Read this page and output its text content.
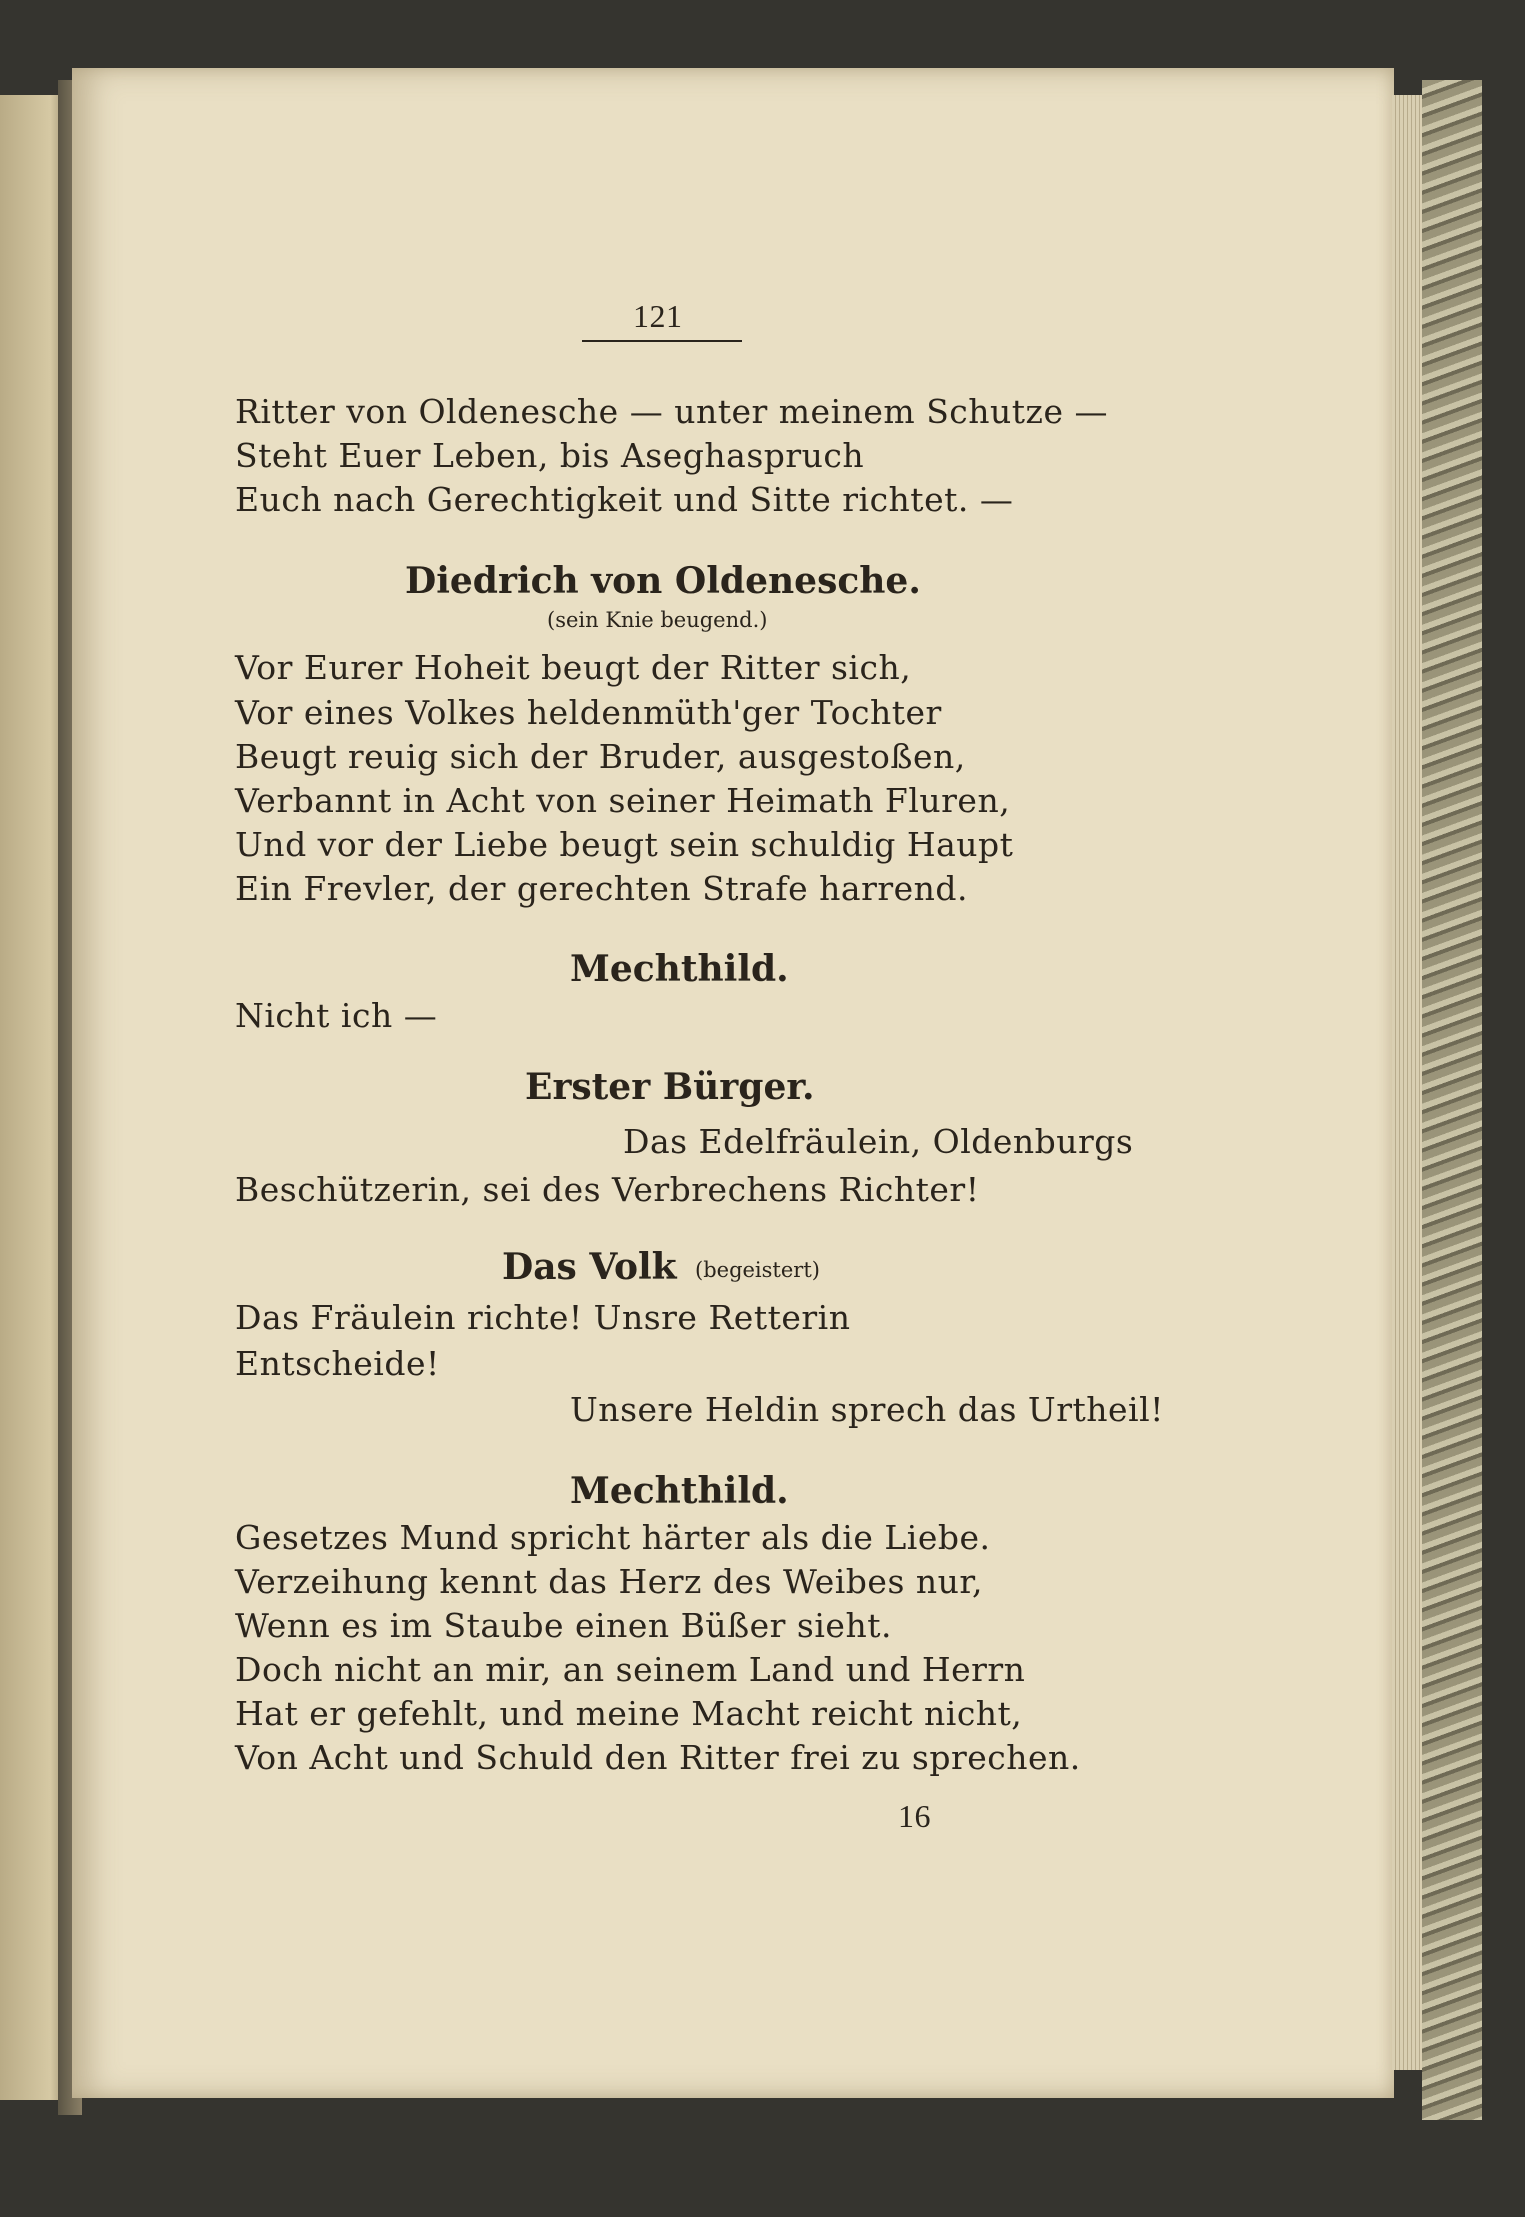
121
Ritter von Oldenesche — unter meinem Schutze —
Steht Euer Leben, bis Aseghaspruch
Euch nach Gerechtigkeit und Sitte richtet. —
Diedrich von Oldenesche.
(sein Knie beugend.)
Vor Eurer Hoheit beugt der Ritter sich,
Vor eines Volkes heldenmüth'ger Tochter
Beugt reuig sich der Bruder, ausgestoßen,
Verbannt in Acht von seiner Heimath Fluren,
Und vor der Liebe beugt sein schuldig Haupt
Ein Frevler, der gerechten Strafe harrend.
Mechthild.
Nicht ich —
Erster Bürger.
Das Edelfräulein, Oldenburgs
Beschützerin, sei des Verbrechens Richter!
Das Volk (begeistert)
Das Fräulein richte! Unsre Retterin
Entscheide!
Unsere Heldin sprech das Urtheil!
Mechthild.
Gesetzes Mund spricht härter als die Liebe.
Verzeihung kennt das Herz des Weibes nur,
Wenn es im Staube einen Büßer sieht.
Doch nicht an mir, an seinem Land und Herrn
Hat er gefehlt, und meine Macht reicht nicht,
Von Acht und Schuld den Ritter frei zu sprechen.
16
